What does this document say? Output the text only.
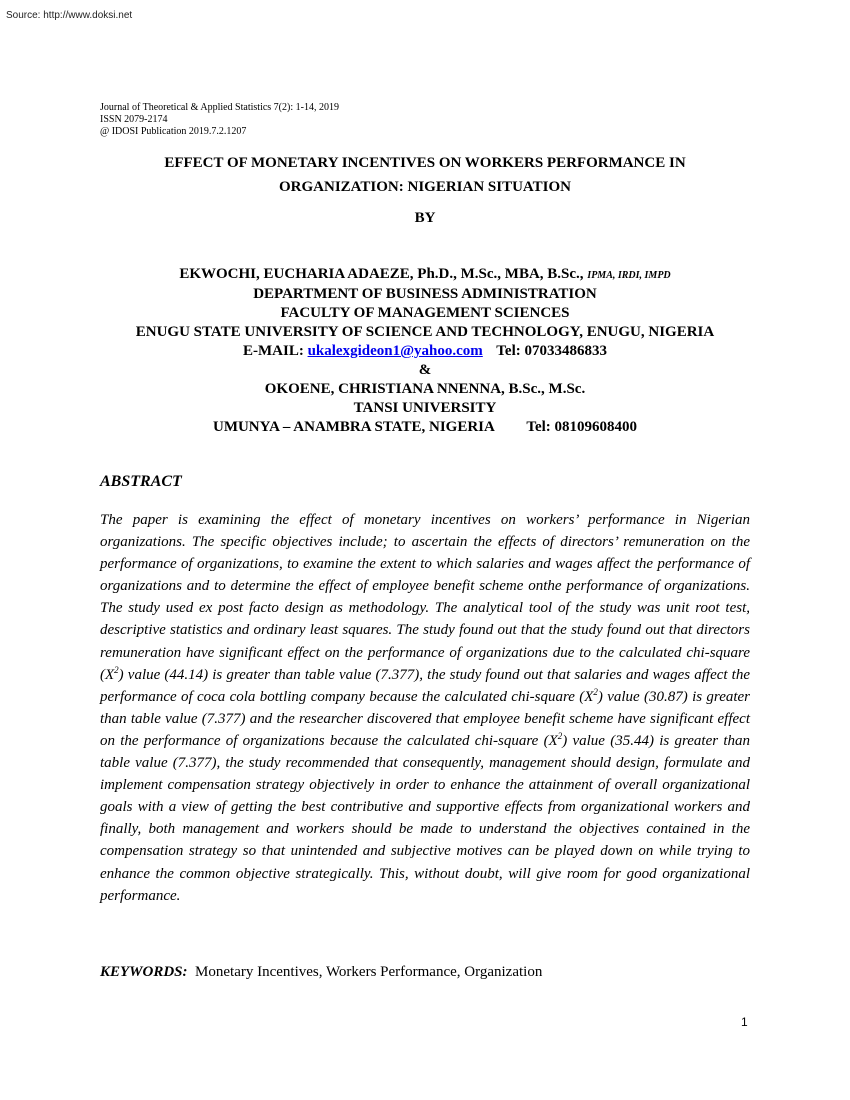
Source: http://www.doksi.net
Journal of Theoretical & Applied Statistics 7(2): 1-14, 2019
ISSN 2079-2174
@ IDOSI Publication 2019.7.2.1207
EFFECT OF MONETARY INCENTIVES ON WORKERS PERFORMANCE IN
ORGANIZATION: NIGERIAN SITUATION
BY
EKWOCHI, EUCHARIA ADAEZE, Ph.D., M.Sc., MBA, B.Sc., IPMA, IRDI, IMPD
DEPARTMENT OF BUSINESS ADMINISTRATION
FACULTY OF MANAGEMENT SCIENCES
ENUGU STATE UNIVERSITY OF SCIENCE AND TECHNOLOGY, ENUGU, NIGERIA
E-MAIL: ukalexgideon1@yahoo.com Tel: 07033486833
&
OKOENE, CHRISTIANA NNENNA, B.Sc., M.Sc.
TANSI UNIVERSITY
UMUNYA – ANAMBRA STATE, NIGERIA Tel: 08109608400
ABSTRACT
The paper is examining the effect of monetary incentives on workers’ performance in Nigerian organizations. The specific objectives include; to ascertain the effects of directors’ remuneration on the performance of organizations, to examine the extent to which salaries and wages affect the performance of organizations and to determine the effect of employee benefit scheme onthe performance of organizations. The study used ex post facto design as methodology. The analytical tool of the study was unit root test, descriptive statistics and ordinary least squares. The study found out that the study found out that directors remuneration have significant effect on the performance of organizations due to the calculated chi-square $(X^2)$ value (44.14) is greater than table value (7.377), the study found out that salaries and wages affect the performance of coca cola bottling company because the calculated chi-square $(X^2)$ value (30.87) is greater than table value (7.377) and the researcher discovered that employee benefit scheme have significant effect on the performance of organizations because the calculated chi-square $(X^2)$ value (35.44) is greater than table value (7.377), the study recommended that consequently, management should design, formulate and implement compensation strategy objectively in order to enhance the attainment of overall organizational goals with a view of getting the best contributive and supportive effects from organizational workers and finally, both management and workers should be made to understand the objectives contained in the compensation strategy so that unintended and subjective motives can be played down on while trying to enhance the common objective strategically. This, without doubt, will give room for good organizational performance.
KEYWORDS: Monetary Incentives, Workers Performance, Organization
1
